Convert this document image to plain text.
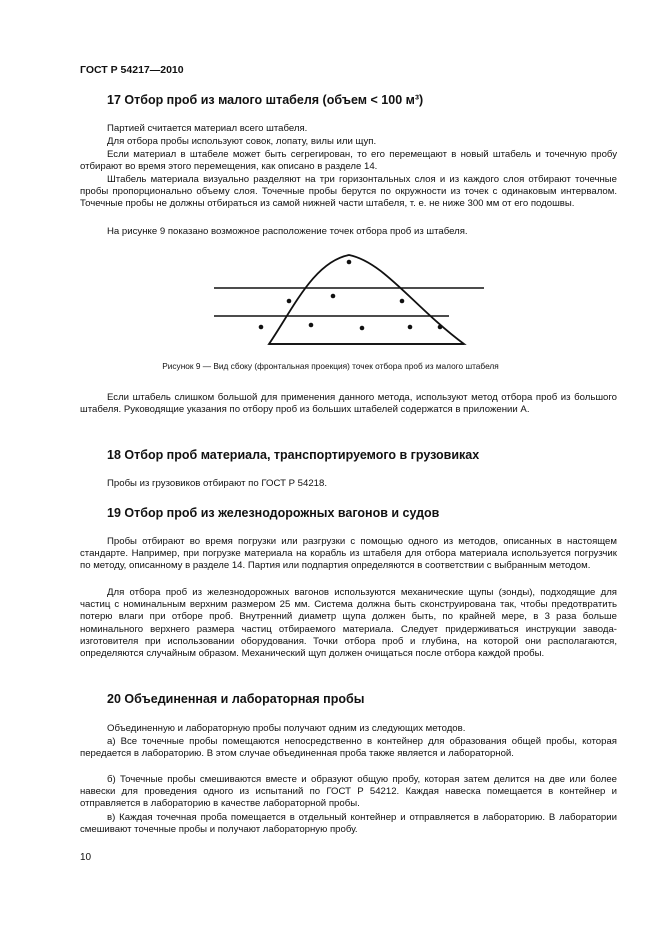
ГОСТ Р 54217—2010
17 Отбор проб из малого штабеля (объем < 100 м³)

Партией считается материал всего штабеля.

Для отбора пробы используют совок, лопату, вилы или щуп.

Если материал в штабеле может быть сегрегирован, то его перемещают в новый штабель и точечную пробу отбирают во время этого перемещения, как описано в разделе 14.

Штабель материала визуально разделяют на три горизонтальных слоя и из каждого слоя отбирают точечные пробы пропорционально объему слоя. Точечные пробы берутся по окружности из точек с одинаковым интервалом. Точечные пробы не должны отбираться из самой нижней части штабеля, т. е. не ниже 300 мм от его подошвы.

На рисунке 9 показано возможное расположение точек отбора проб из штабеля.

Рисунок 9 — Вид сбоку (фронтальная проекция) точек отбора проб из малого штабеля

Если штабель слишком большой для применения данного метода, используют метод отбора проб из большого штабеля. Руководящие указания по отбору проб из больших штабелей содержатся в приложении А.

18 Отбор проб материала, транспортируемого в грузовиках

Пробы из грузовиков отбирают по ГОСТ Р 54218.

19 Отбор проб из железнодорожных вагонов и судов

Пробы отбирают во время погрузки или разгрузки с помощью одного из методов, описанных в настоящем стандарте. Например, при погрузке материала на корабль из штабеля для отбора материала используется погрузчик по методу, описанному в разделе 14. Партия или подпартия определяются в соответствии с выбранным методом.

Для отбора проб из железнодорожных вагонов используются механические щупы (зонды), подходящие для частиц с номинальным верхним размером 25 мм. Система должна быть сконструирована так, чтобы предотвратить потерю влаги при отборе проб. Внутренний диаметр щупа должен быть, по крайней мере, в 3 раза больше номинального верхнего размера частиц отбираемого материала. Следует придерживаться инструкции завода-изготовителя при использовании оборудования. Точки отбора проб и глубина, на которой они располагаются, определяются случайным образом. Механический щуп должен очищаться после отбора каждой пробы.

20 Объединенная и лабораторная пробы

Объединенную и лабораторную пробы получают одним из следующих методов.

а) Все точечные пробы помещаются непосредственно в контейнер для образования общей пробы, которая передается в лабораторию. В этом случае объединенная проба также является и лабораторной.

б) Точечные пробы смешиваются вместе и образуют общую пробу, которая затем делится на две или более навески для проведения одного из испытаний по ГОСТ Р 54212. Каждая навеска помещается в контейнер и отправляется в лабораторию в качестве лабораторной пробы.

в) Каждая точечная проба помещается в отдельный контейнер и отправляется в лабораторию. В лаборатории смешивают точечные пробы и получают лабораторную пробу.

10
